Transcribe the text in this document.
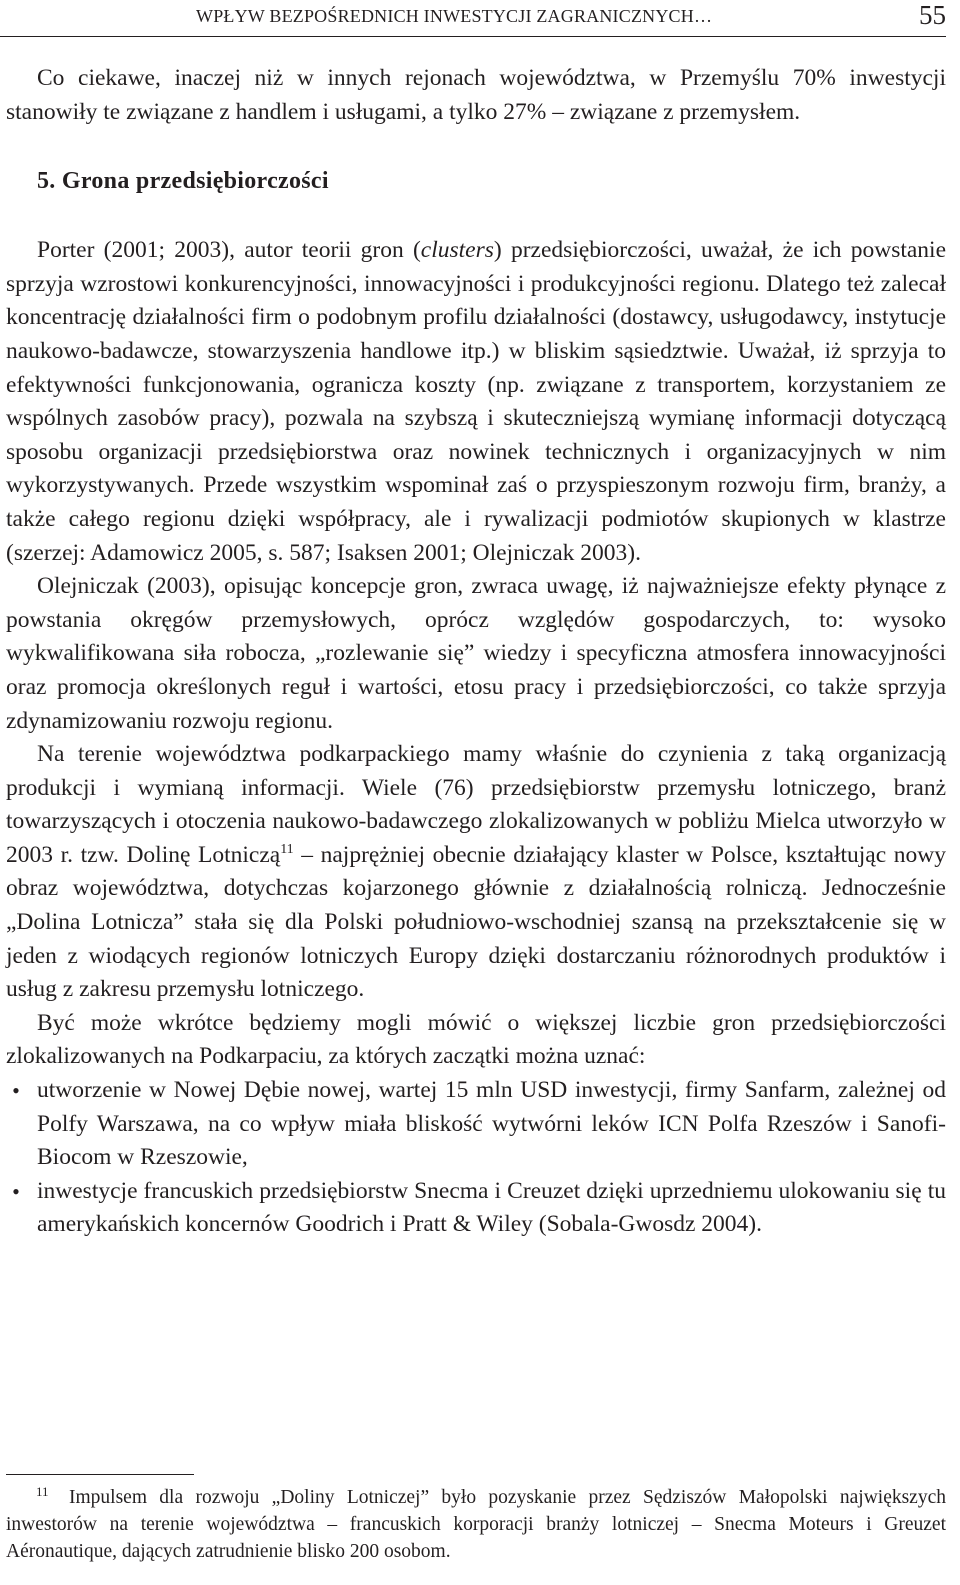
WPŁYW BEZPOŚREDNICH INWESTYCJI ZAGRANICZNYCH…	55

Co ciekawe, inaczej niż w innych rejonach województwa, w Przemyślu 70% inwestycji stanowiły te związane z handlem i usługami, a tylko 27% – związane z przemysłem.

5. Grona przedsiębiorczości

Porter (2001; 2003), autor teorii gron (clusters) przedsiębiorczości, uważał, że ich powstanie sprzyja wzrostowi konkurencyjności, innowacyjności i produkcyjności regionu. Dlatego też zalecał koncentrację działalności firm o podobnym profilu działalności (dostawcy, usługodawcy, instytucje naukowo-badawcze, stowarzyszenia handlowe itp.) w bliskim sąsiedztwie. Uważał, iż sprzyja to efektywności funkcjonowania, ogranicza koszty (np. związane z transportem, korzystaniem ze wspólnych zasobów pracy), pozwala na szybszą i skuteczniejszą wymianę informacji dotyczącą sposobu organizacji przedsiębiorstwa oraz nowinek technicznych i organizacyjnych w nim wykorzystywanych. Przede wszystkim wspominał zaś o przyspieszonym rozwoju firm, branży, a także całego regionu dzięki współpracy, ale i rywalizacji podmiotów skupionych w klastrze (szerzej: Adamowicz 2005, s. 587; Isaksen 2001; Olejniczak 2003).

Olejniczak (2003), opisując koncepcje gron, zwraca uwagę, iż najważniejsze efekty płynące z powstania okręgów przemysłowych, oprócz względów gospodarczych, to: wysoko wykwalifikowana siła robocza, „rozlewanie się” wiedzy i specyficzna atmosfera innowacyjności oraz promocja określonych reguł i wartości, etosu pracy i przedsiębiorczości, co także sprzyja zdynamizowaniu rozwoju regionu.

Na terenie województwa podkarpackiego mamy właśnie do czynienia z taką organizacją produkcji i wymianą informacji. Wiele (76) przedsiębiorstw przemysłu lotniczego, branż towarzyszących i otoczenia naukowo-badawczego zlokalizowanych w pobliżu Mielca utworzyło w 2003 r. tzw. Dolinę Lotniczą$^{11}$ – najprężniej obecnie działający klaster w Polsce, kształtując nowy obraz województwa, dotychczas kojarzonego głównie z działalnością rolniczą. Jednocześnie „Dolina Lotnicza” stała się dla Polski południowo-wschodniej szansą na przekształcenie się w jeden z wiodących regionów lotniczych Europy dzięki dostarczaniu różnorodnych produktów i usług z zakresu przemysłu lotniczego.

Być może wkrótce będziemy mogli mówić o większej liczbie gron przedsiębiorczości zlokalizowanych na Podkarpaciu, za których zaczątki można uznać:

• utworzenie w Nowej Dębie nowej, wartej 15 mln USD inwestycji, firmy Sanfarm, zależnej od Polfy Warszawa, na co wpływ miała bliskość wytwórni leków ICN Polfa Rzeszów i Sanofi-Biocom w Rzeszowie,
• inwestycje francuskich przedsiębiorstw Snecma i Creuzet dzięki uprzedniemu ulokowaniu się tu amerykańskich koncernów Goodrich i Pratt & Wiley (Sobala-Gwosdz 2004).
11 Impulsem dla rozwoju „Doliny Lotniczej” było pozyskanie przez Sędziszów Małopolski największych inwestorów na terenie województwa – francuskich korporacji branży lotniczej – Snecma Moteurs i Greuzet Aéronautique, dających zatrudnienie blisko 200 osobom.
